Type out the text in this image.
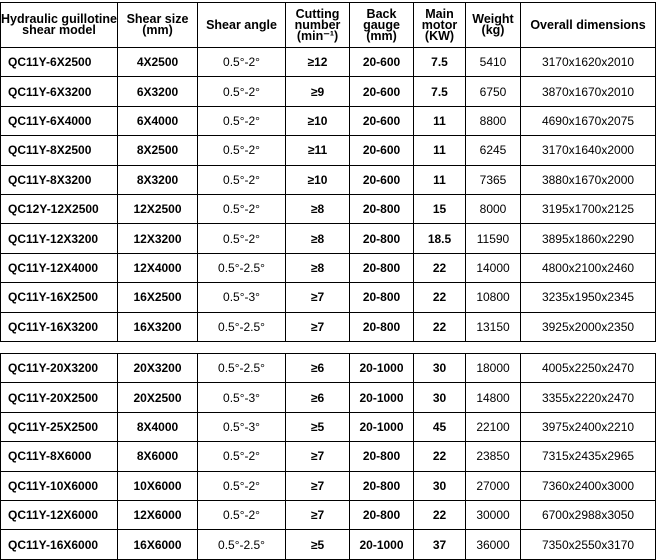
Hydraulic guillotine shear model	Shear size (mm)	Shear angle	Cutting number (min⁻¹)	Back gauge (mm)	Main motor (KW)	Weight (kg)	Overall dimensions
QC11Y-6X2500	4X2500	0.5°-2°	≥12	20-600	7.5	5410	3170x1620x2010
QC11Y-6X3200	6X3200	0.5°-2°	≥9	20-600	7.5	6750	3870x1670x2010
QC11Y-6X4000	6X4000	0.5°-2°	≥10	20-600	11	8800	4690x1670x2075
QC11Y-8X2500	8X2500	0.5°-2°	≥11	20-600	11	6245	3170x1640x2000
QC11Y-8X3200	8X3200	0.5°-2°	≥10	20-600	11	7365	3880x1670x2000
QC12Y-12X2500	12X2500	0.5°-2°	≥8	20-800	15	8000	3195x1700x2125
QC11Y-12X3200	12X3200	0.5°-2°	≥8	20-800	18.5	11590	3895x1860x2290
QC11Y-12X4000	12X4000	0.5°-2.5°	≥8	20-800	22	14000	4800x2100x2460
QC11Y-16X2500	16X2500	0.5°-3°	≥7	20-800	22	10800	3235x1950x2345
QC11Y-16X3200	16X3200	0.5°-2.5°	≥7	20-800	22	13150	3925x2000x2350
QC11Y-20X3200	20X3200	0.5°-2.5°	≥6	20-1000	30	18000	4005x2250x2470
QC11Y-20X2500	20X2500	0.5°-3°	≥6	20-1000	30	14800	3355x2220x2470
QC11Y-25X2500	8X4000	0.5°-3°	≥5	20-1000	45	22100	3975x2400x2210
QC11Y-8X6000	8X6000	0.5°-2°	≥7	20-800	22	23850	7315x2435x2965
QC11Y-10X6000	10X6000	0.5°-2°	≥7	20-800	30	27000	7360x2400x3000
QC11Y-12X6000	12X6000	0.5°-2°	≥7	20-800	22	30000	6700x2988x3050
QC11Y-16X6000	16X6000	0.5°-2.5°	≥5	20-1000	37	36000	7350x2550x3170
